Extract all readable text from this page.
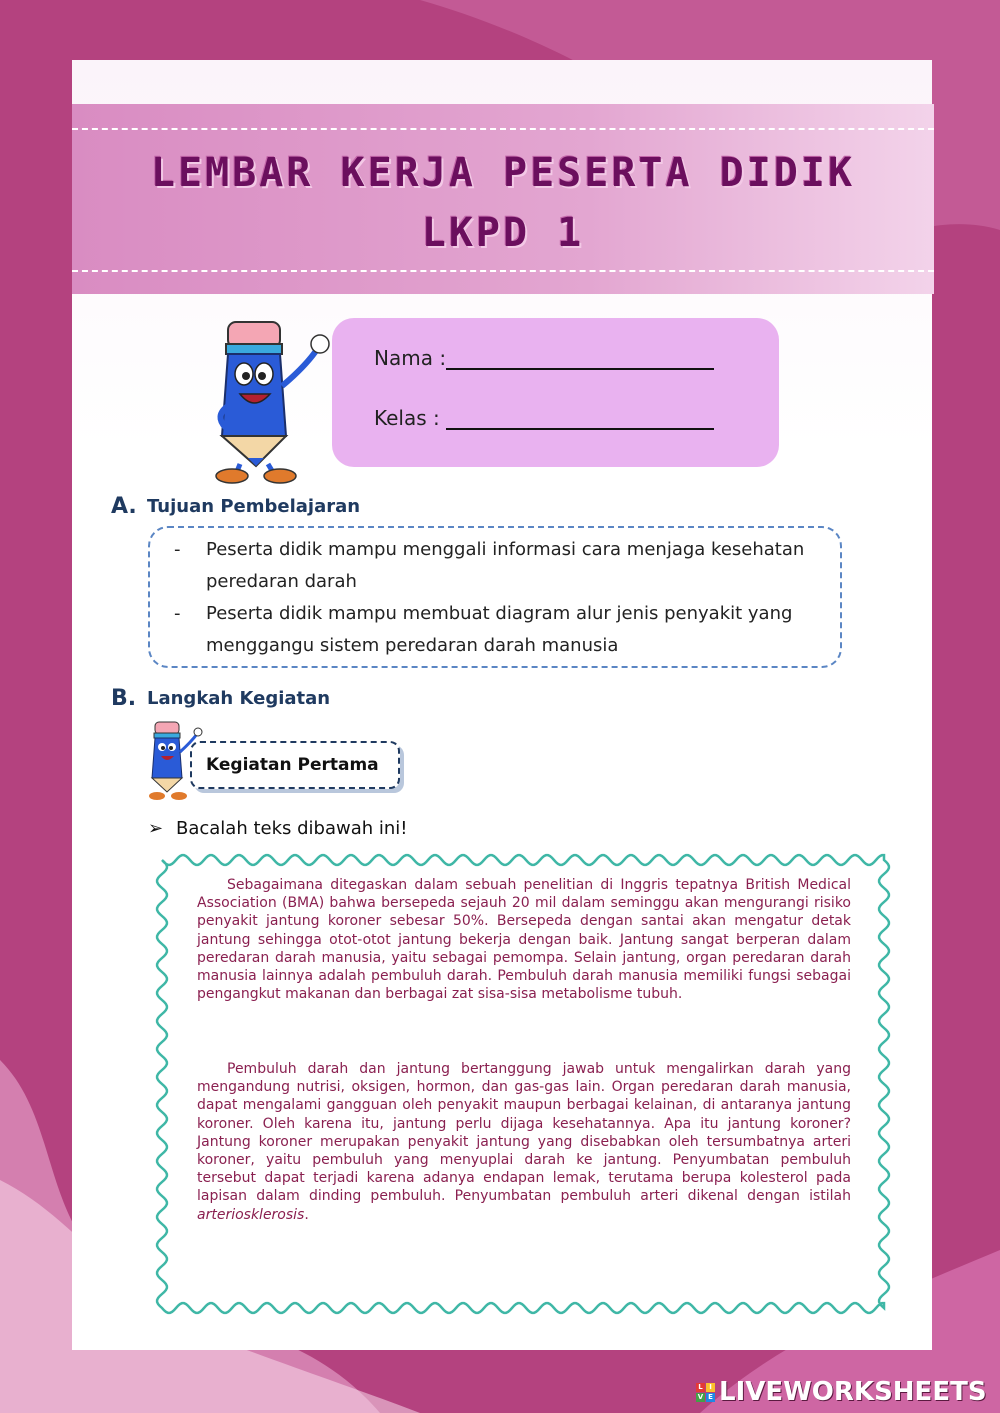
LEMBAR KERJA PESERTA DIDIK
LKPD 1
Nama :
Kelas :
A. Tujuan Pembelajaran
-	Peserta didik mampu menggali informasi cara menjaga kesehatan peredaran darah
-	Peserta didik mampu membuat diagram alur jenis penyakit yang menggangu sistem peredaran darah manusia
B. Langkah Kegiatan
Kegiatan Pertama
➢ Bacalah teks dibawah ini!
Sebagaimana ditegaskan dalam sebuah penelitian di Inggris tepatnya British Medical Association (BMA) bahwa bersepeda sejauh 20 mil dalam seminggu akan mengurangi risiko penyakit jantung koroner sebesar 50%. Bersepeda dengan santai akan mengatur detak jantung sehingga otot-otot jantung bekerja dengan baik. Jantung sangat berperan dalam peredaran darah manusia, yaitu sebagai pemompa. Selain jantung, organ peredaran darah manusia lainnya adalah pembuluh darah. Pembuluh darah manusia memiliki fungsi sebagai pengangkut makanan dan berbagai zat sisa-sisa metabolisme tubuh.
Pembuluh darah dan jantung bertanggung jawab untuk mengalirkan darah yang mengandung nutrisi, oksigen, hormon, dan gas-gas lain. Organ peredaran darah manusia, dapat mengalami gangguan oleh penyakit maupun berbagai kelainan, di antaranya jantung koroner. Oleh karena itu, jantung perlu dijaga kesehatannya. Apa itu jantung koroner? Jantung koroner merupakan penyakit jantung yang disebabkan oleh tersumbatnya arteri koroner, yaitu pembuluh yang menyuplai darah ke jantung. Penyumbatan pembuluh tersebut dapat terjadi karena adanya endapan lemak, terutama berupa kolesterol pada lapisan dalam dinding pembuluh. Penyumbatan pembuluh arteri dikenal dengan istilah arteriosklerosis.
L I
V E LIVEWORKSHEETS
